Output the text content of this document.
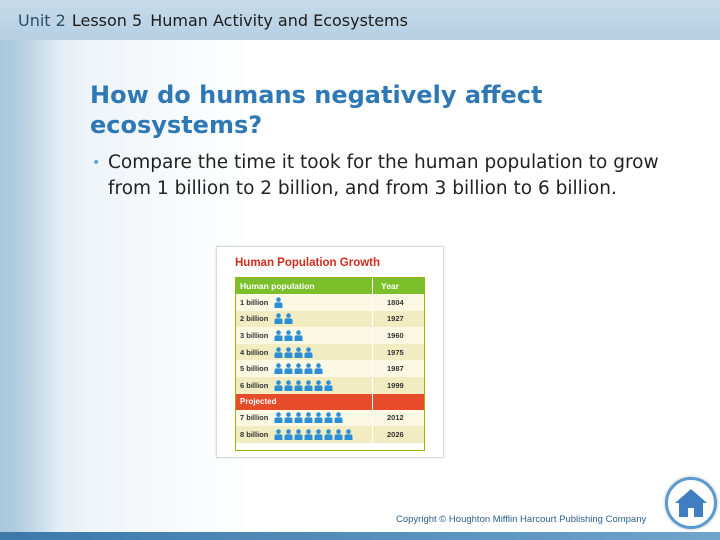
Unit 2 Lesson 5 Human Activity and Ecosystems
How do humans negatively affect ecosystems?
• Compare the time it took for the human population to grow from 1 billion to 2 billion, and from 3 billion to 6 billion.
Human Population Growth
Human population	Year
1 billion	1804
2 billion	1927
3 billion	1960
4 billion	1975
5 billion	1987
6 billion	1999
Projected
7 billion	2012
8 billion	2026
Copyright © Houghton Mifflin Harcourt Publishing Company
